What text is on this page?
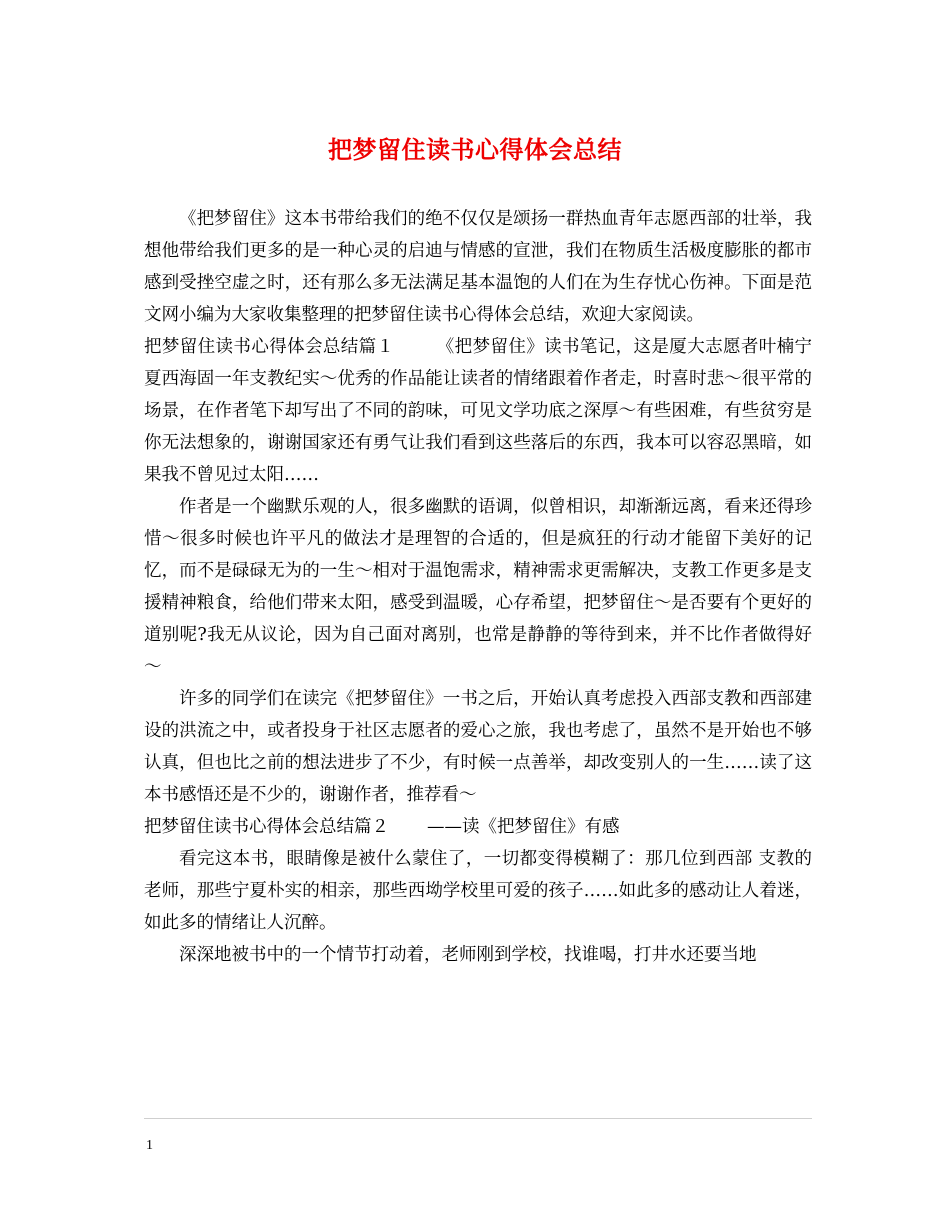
把梦留住读书心得体会总结

《把梦留住》这本书带给我们的绝不仅仅是颂扬一群热血青年志愿西部的壮举，我想他带给我们更多的是一种心灵的启迪与情感的宣泄，我们在物质生活极度膨胀的都市感到受挫空虚之时，还有那么多无法满足基本温饱的人们在为生存忧心伤神。下面是范文网小编为大家收集整理的把梦留住读书心得体会总结，欢迎大家阅读。

把梦留住读书心得体会总结篇１ 《把梦留住》读书笔记，这是厦大志愿者叶楠宁夏西海固一年支教纪实～优秀的作品能让读者的情绪跟着作者走，时喜时悲～很平常的场景，在作者笔下却写出了不同的韵味，可见文学功底之深厚～有些困难，有些贫穷是你无法想象的，谢谢国家还有勇气让我们看到这些落后的东西，我本可以容忍黑暗，如果我不曾见过太阳……

作者是一个幽默乐观的人，很多幽默的语调，似曾相识，却渐渐远离，看来还得珍惜～很多时候也许平凡的做法才是理智的合适的，但是疯狂的行动才能留下美好的记忆，而不是碌碌无为的一生～相对于温饱需求，精神需求更需解决，支教工作更多是支援精神粮食，给他们带来太阳，感受到温暖，心存希望，把梦留住～是否要有个更好的道别呢?我无从议论，因为自己面对离别，也常是静静的等待到来，并不比作者做得好～

许多的同学们在读完《把梦留住》一书之后，开始认真考虑投入西部支教和西部建设的洪流之中，或者投身于社区志愿者的爱心之旅，我也考虑了，虽然不是开始也不够认真，但也比之前的想法进步了不少，有时候一点善举，却改变别人的一生……读了这本书感悟还是不少的，谢谢作者，推荐看～

把梦留住读书心得体会总结篇２ ——读《把梦留住》有感

看完这本书，眼睛像是被什么蒙住了，一切都变得模糊了：那几位到西部 支教的老师，那些宁夏朴实的相亲，那些西坳学校里可爱的孩子……如此多的感动让人着迷，如此多的情绪让人沉醉。

深深地被书中的一个情节打动着，老师刚到学校，找谁喝，打井水还要当地

1
